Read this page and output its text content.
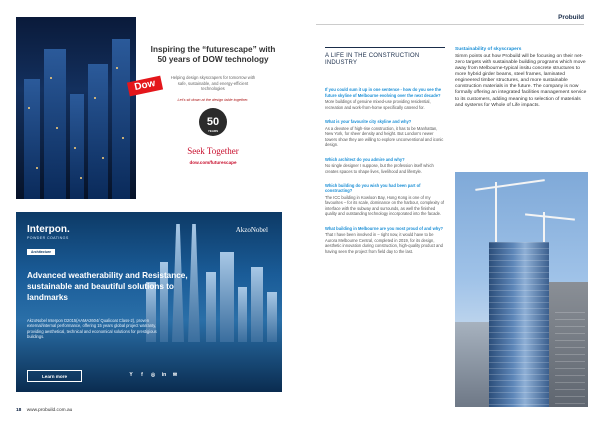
Dow
Inspiring the “futurescape” with 50 years of DOW technology
Helping design skyscrapers for tomorrow with safe, sustainable, and energy-efficient technologies
Let’s sit down at the design table together.
50
YEARS
Seek Together
dow.com/futurescape
Interpon.
POWDER COATINGS
Architecture
AkzoNobel
Advanced weatherability and Resistance, sustainable and beautiful solutions to landmarks
AkzoNobel Interpon D2015(AAMA2604/ Qualicoat Class-2), proven external/internal performance, offering 15 years global project warranty, providing aesthetical, technical and economical solutions for prestigious buildings.
Learn more	Y	f	◎ in ✉
18 www.probuild.com.au
Probuild
A LIFE IN THE CONSTRUCTION INDUSTRY
If you could sum it up in one sentence - how do you see the future skyline of Melbourne evolving over the next decade?
More buildings of genuine mixed-use providing residential, recreation and work-from-home specifically catered for.
What is your favourite city skyline and why?
As a devotee of high-rise construction, it has to be Manhattan, New York, for sheer density and height. But London’s newer towers show they are willing to explore unconventional and iconic design.
Which architect do you admire and why?
No single designer I suppose, but the profession itself which creates spaces to shape lives, livelihood and lifestyle.
Which building do you wish you had been part of constructing?
The ICC building in Kowloon Bay, Hong Kong is one of my favourites – for its scale, dominance on the harbour, complexity of interface with the subway and surrounds, as well the finished quality and outstanding technology incorporated into the facade.
What building in Melbourne are you most proud of and why?
That I have been involved in – right now, it would have to be Aurora Melbourne Central, completed in 2019, for its design, aesthetic innovation during construction, high-quality product and having seen the project from field day to the last.
Sustainability of skyscrapers
Simm points out how Probuild will be focusing on their net-zero targets with sustainable building programs which move away from Melbourne-typical insitu concrete structures to more hybrid girder beams, steel frames, laminated engineered timber structures, and more sustainable construction materials in the future. The company is now formally offering an integrated facilities management service to its customers, adding meaning to selection of materials and systems for Whole of Life impacts.
